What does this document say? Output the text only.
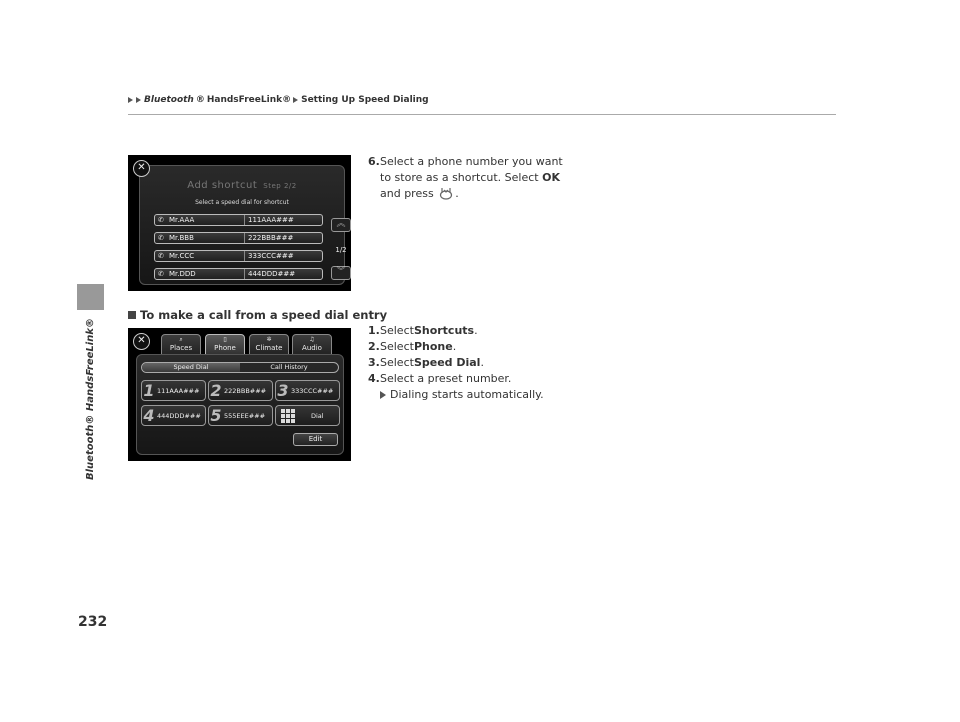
Bluetooth® HandsFreeLink®
Bluetooth ® HandsFreeLink® Setting Up Speed Dialing
232
Add shortcut Step 2/2
Select a speed dial for shortcut
✆ Mr.AAA	111AAA###
✆ Mr.BBB	222BBB###
✆ Mr.CCC	333CCC###
✆ Mr.DDD	444DDD###
︽
1/2
︾
✕	6. Select a phone number you want
to store as a shortcut. Select OK
and press .
To make a call from a speed dial entry
⌕
Places
▯
Phone
✲
Climate
♫
Audio
Speed Dial	Call History
1 111AAA### 2 222BBB### 3 333CCC###
4 444DDD### 5 555EEE###	Dial
Edit
✕
1. Select Shortcuts .
2. Select Phone .
3. Select Speed Dial .
4. Select a preset number.
Dialing starts automatically.
